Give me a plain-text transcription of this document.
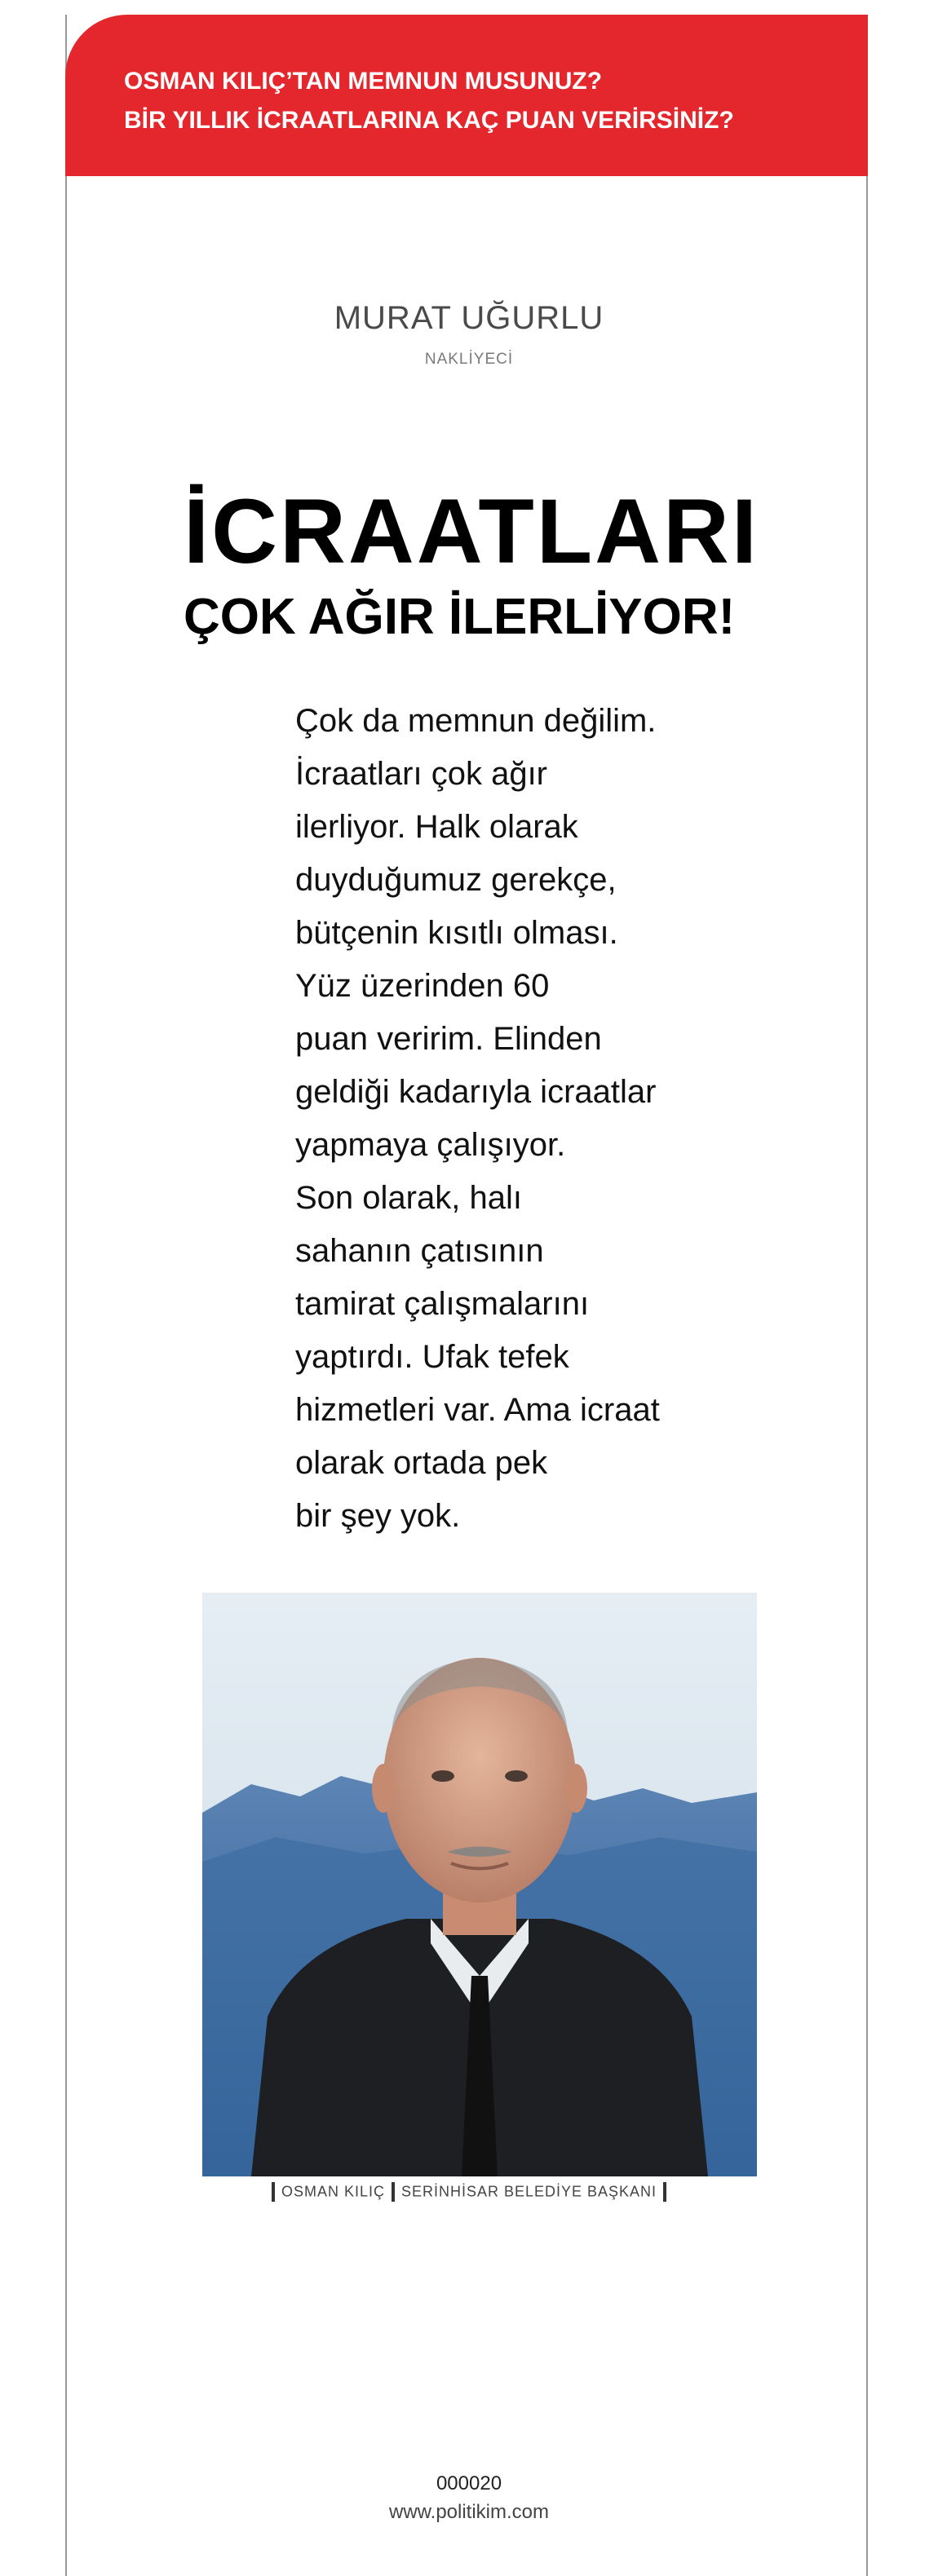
OSMAN KILIÇ’TAN MEMNUN MUSUNUZ?
BİR YILLIK İCRAATLARINA KAÇ PUAN VERİRSİNİZ?
MURAT UĞURLU
NAKLİYECİ
İCRAATLARI
ÇOK AĞIR İLERLİYOR!
Çok da memnun değilim.
İcraatları çok ağır
ilerliyor. Halk olarak
duyduğumuz gerekçe,
bütçenin kısıtlı olması.
Yüz üzerinden 60
puan veririm. Elinden
geldiği kadarıyla icraatlar
yapmaya çalışıyor.
Son olarak, halı
sahanın çatısının
tamirat çalışmalarını
yaptırdı. Ufak tefek
hizmetleri var. Ama icraat
olarak ortada pek
bir şey yok.
OSMAN KILIÇ SERİNHİSAR BELEDİYE BAŞKANI
000020
www.politikim.com
